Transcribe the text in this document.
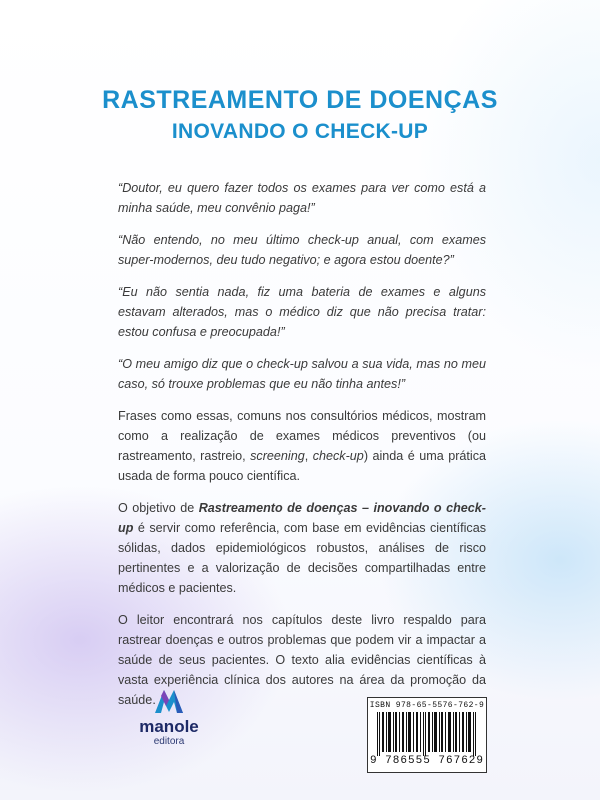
RASTREAMENTO DE DOENÇAS
INOVANDO O CHECK-UP

“Doutor, eu quero fazer todos os exames para ver como está a minha saúde, meu convênio paga!”

“Não entendo, no meu último check-up anual, com exames super-modernos, deu tudo negativo; e agora estou doente?”

“Eu não sentia nada, fiz uma bateria de exames e alguns estavam alterados, mas o médico diz que não precisa tratar: estou confusa e preocupada!”

“O meu amigo diz que o check-up salvou a sua vida, mas no meu caso, só trouxe problemas que eu não tinha antes!”

Frases como essas, comuns nos consultórios médicos, mostram como a realização de exames médicos preventivos (ou rastreamento, rastreio, screening, check-up) ainda é uma prática usada de forma pouco científica.

O objetivo de Rastreamento de doenças – inovando o check-up é servir como referência, com base em evidências científicas sólidas, dados epidemiológicos robustos, análises de risco pertinentes e a valorização de decisões compartilhadas entre médicos e pacientes.

O leitor encontrará nos capítulos deste livro respaldo para rastrear doenças e outros problemas que podem vir a impactar a saúde de seus pacientes. O texto alia evidências científicas à vasta experiência clínica dos autores na área da promoção da saúde.

manole
editora
ISBN 978-65-5576-762-9
9 786555 767629
